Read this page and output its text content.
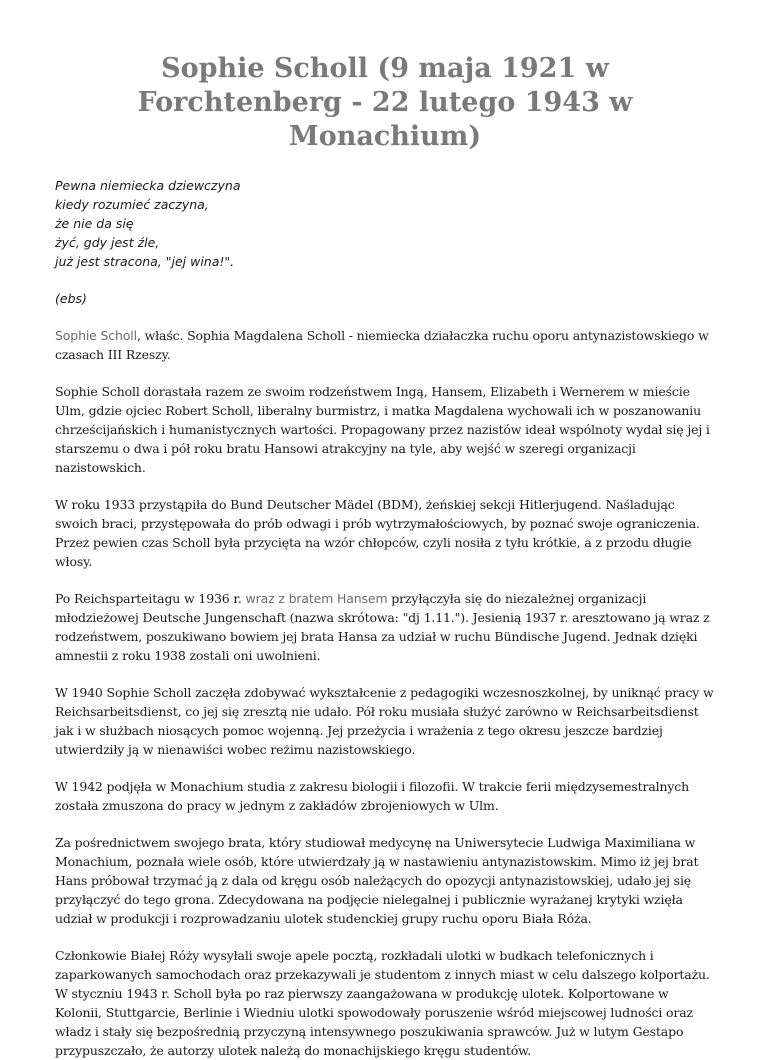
Sophie Scholl (9 maja 1921 w Forchtenberg - 22 lutego 1943 w Monachium)
Pewna niemiecka dziewczyna
kiedy rozumieć zaczyna,
że nie da się
żyć, gdy jest źle,
już jest stracona, "jej wina!".
(ebs)

Sophie Scholl, właśc. Sophia Magdalena Scholl - niemiecka działaczka ruchu oporu antynazistowskiego w czasach III Rzeszy.

Sophie Scholl dorastała razem ze swoim rodzeństwem Ingą, Hansem, Elizabeth i Wernerem w mieście Ulm, gdzie ojciec Robert Scholl, liberalny burmistrz, i matka Magdalena wychowali ich w poszanowaniu chrześcijańskich i humanistycznych wartości. Propagowany przez nazistów ideał wspólnoty wydał się jej i starszemu o dwa i pół roku bratu Hansowi atrakcyjny na tyle, aby wejść w szeregi organizacji nazistowskich.

W roku 1933 przystąpiła do Bund Deutscher Mädel (BDM), żeńskiej sekcji Hitlerjugend. Naśladując swoich braci, przystępowała do prób odwagi i prób wytrzymałościowych, by poznać swoje ograniczenia. Przez pewien czas Scholl była przycięta na wzór chłopców, czyli nosiła z tyłu krótkie, a z przodu długie włosy.

Po Reichsparteitagu w 1936 r. wraz z bratem Hansem przyłączyła się do niezależnej organizacji młodzieżowej Deutsche Jungenschaft (nazwa skrótowa: "dj 1.11."). Jesienią 1937 r. aresztowano ją wraz z rodzeństwem, poszukiwano bowiem jej brata Hansa za udział w ruchu Bündische Jugend. Jednak dzięki amnestii z roku 1938 zostali oni uwolnieni.

W 1940 Sophie Scholl zaczęła zdobywać wykształcenie z pedagogiki wczesnoszkolnej, by uniknąć pracy w Reichsarbeitsdienst, co jej się zresztą nie udało. Pół roku musiała służyć zarówno w Reichsarbeitsdienst jak i w służbach niosących pomoc wojenną. Jej przeżycia i wrażenia z tego okresu jeszcze bardziej utwierdziły ją w nienawiści wobec reżimu nazistowskiego.

W 1942 podjęła w Monachium studia z zakresu biologii i filozofii. W trakcie ferii międzysemestralnych została zmuszona do pracy w jednym z zakładów zbrojeniowych w Ulm.

Za pośrednictwem swojego brata, który studiował medycynę na Uniwersytecie Ludwiga Maximiliana w Monachium, poznała wiele osób, które utwierdzały ją w nastawieniu antynazistowskim. Mimo iż jej brat Hans próbował trzymać ją z dala od kręgu osób należących do opozycji antynazistowskiej, udało jej się przyłączyć do tego grona. Zdecydowana na podjęcie nielegalnej i publicznie wyrażanej krytyki wzięła udział w produkcji i rozprowadzaniu ulotek studenckiej grupy ruchu oporu Biała Róża.

Członkowie Białej Róży wysyłali swoje apele pocztą, rozkładali ulotki w budkach telefonicznych i zaparkowanych samochodach oraz przekazywali je studentom z innych miast w celu dalszego kolportażu. W styczniu 1943 r. Scholl była po raz pierwszy zaangażowana w produkcję ulotek. Kolportowane w Kolonii, Stuttgarcie, Berlinie i Wiedniu ulotki spowodowały poruszenie wśród miejscowej ludności oraz władz i stały się bezpośrednią przyczyną intensywnego poszukiwania sprawców. Już w lutym Gestapo przypuszczało, że autorzy ulotek należą do monachijskiego kręgu studentów.
